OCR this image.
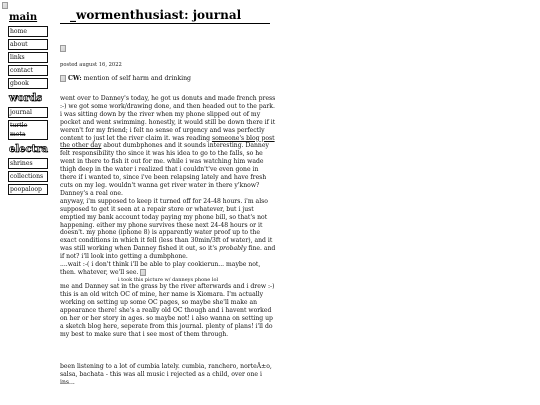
main
home
about
links
contact
gbook
words
journal
turtle
meta
electra
shrines
collections
poopaloop
_wormenthusiast: journal
posted august 16, 2022
CW: mention of self harm and drinking

went over to Danney's today, he got us donuts and made french press :-) we got some work/drawing done, and then headed out to the park.

i was sitting down by the river when my phone slipped out of my pocket and went swimming. honestly, it would still be down there if it weren't for my friend; i felt no sense of urgency and was perfectly content to just let the river claim it. was reading someone's blog post the other day about dumbphones and it sounds interesting. Danney felt responsibility tho since it was his idea to go to the falls, so he went in there to fish it out for me. while i was watching him wade thigh deep in the water i realized that i couldn't've even gone in there if i wanted to, since i've been relapsing lately and have fresh cuts on my leg. wouldn't wanna get river water in there y'know? Danney's a real one.

anyway, i'm supposed to keep it turned off for 24-48 hours. i'm also supposed to get it seen at a repair store or whatever, but i just emptied my bank account today paying my phone bill, so that's not happening. either my phone survives these next 24-48 hours or it doesn't. my phone (iphone 8) is apparently water proof up to the exact conditions in which it fell (less than 30min/3ft of water), and it was still working when Danney fished it out, so it's probably fine. and if not? i'll look into getting a dumbphone.

....wait :-( i don't think i'll be able to play cookierun... maybe not, then. whatever, we'll see.

i took this picture w/ danneys phone lol

me and Danney sat in the grass by the river afterwards and i drew :-) this is an old witch OC of mine, her name is Xiomara. I'm actually working on setting up some OC pages, so maybe she'll make an appearance there! she's a really old OC though and i havent worked on her or her story in ages. so maybe not! i also wanna on setting up a sketch blog here, seperate from this journal. plenty of plans! i'll do my best to make sure that i see most of them through.

been listening to a lot of cumbia lately. cumbia, ranchero, norteÃ±o, salsa, bachata - this was all music i rejected as a child, over one i ins...
